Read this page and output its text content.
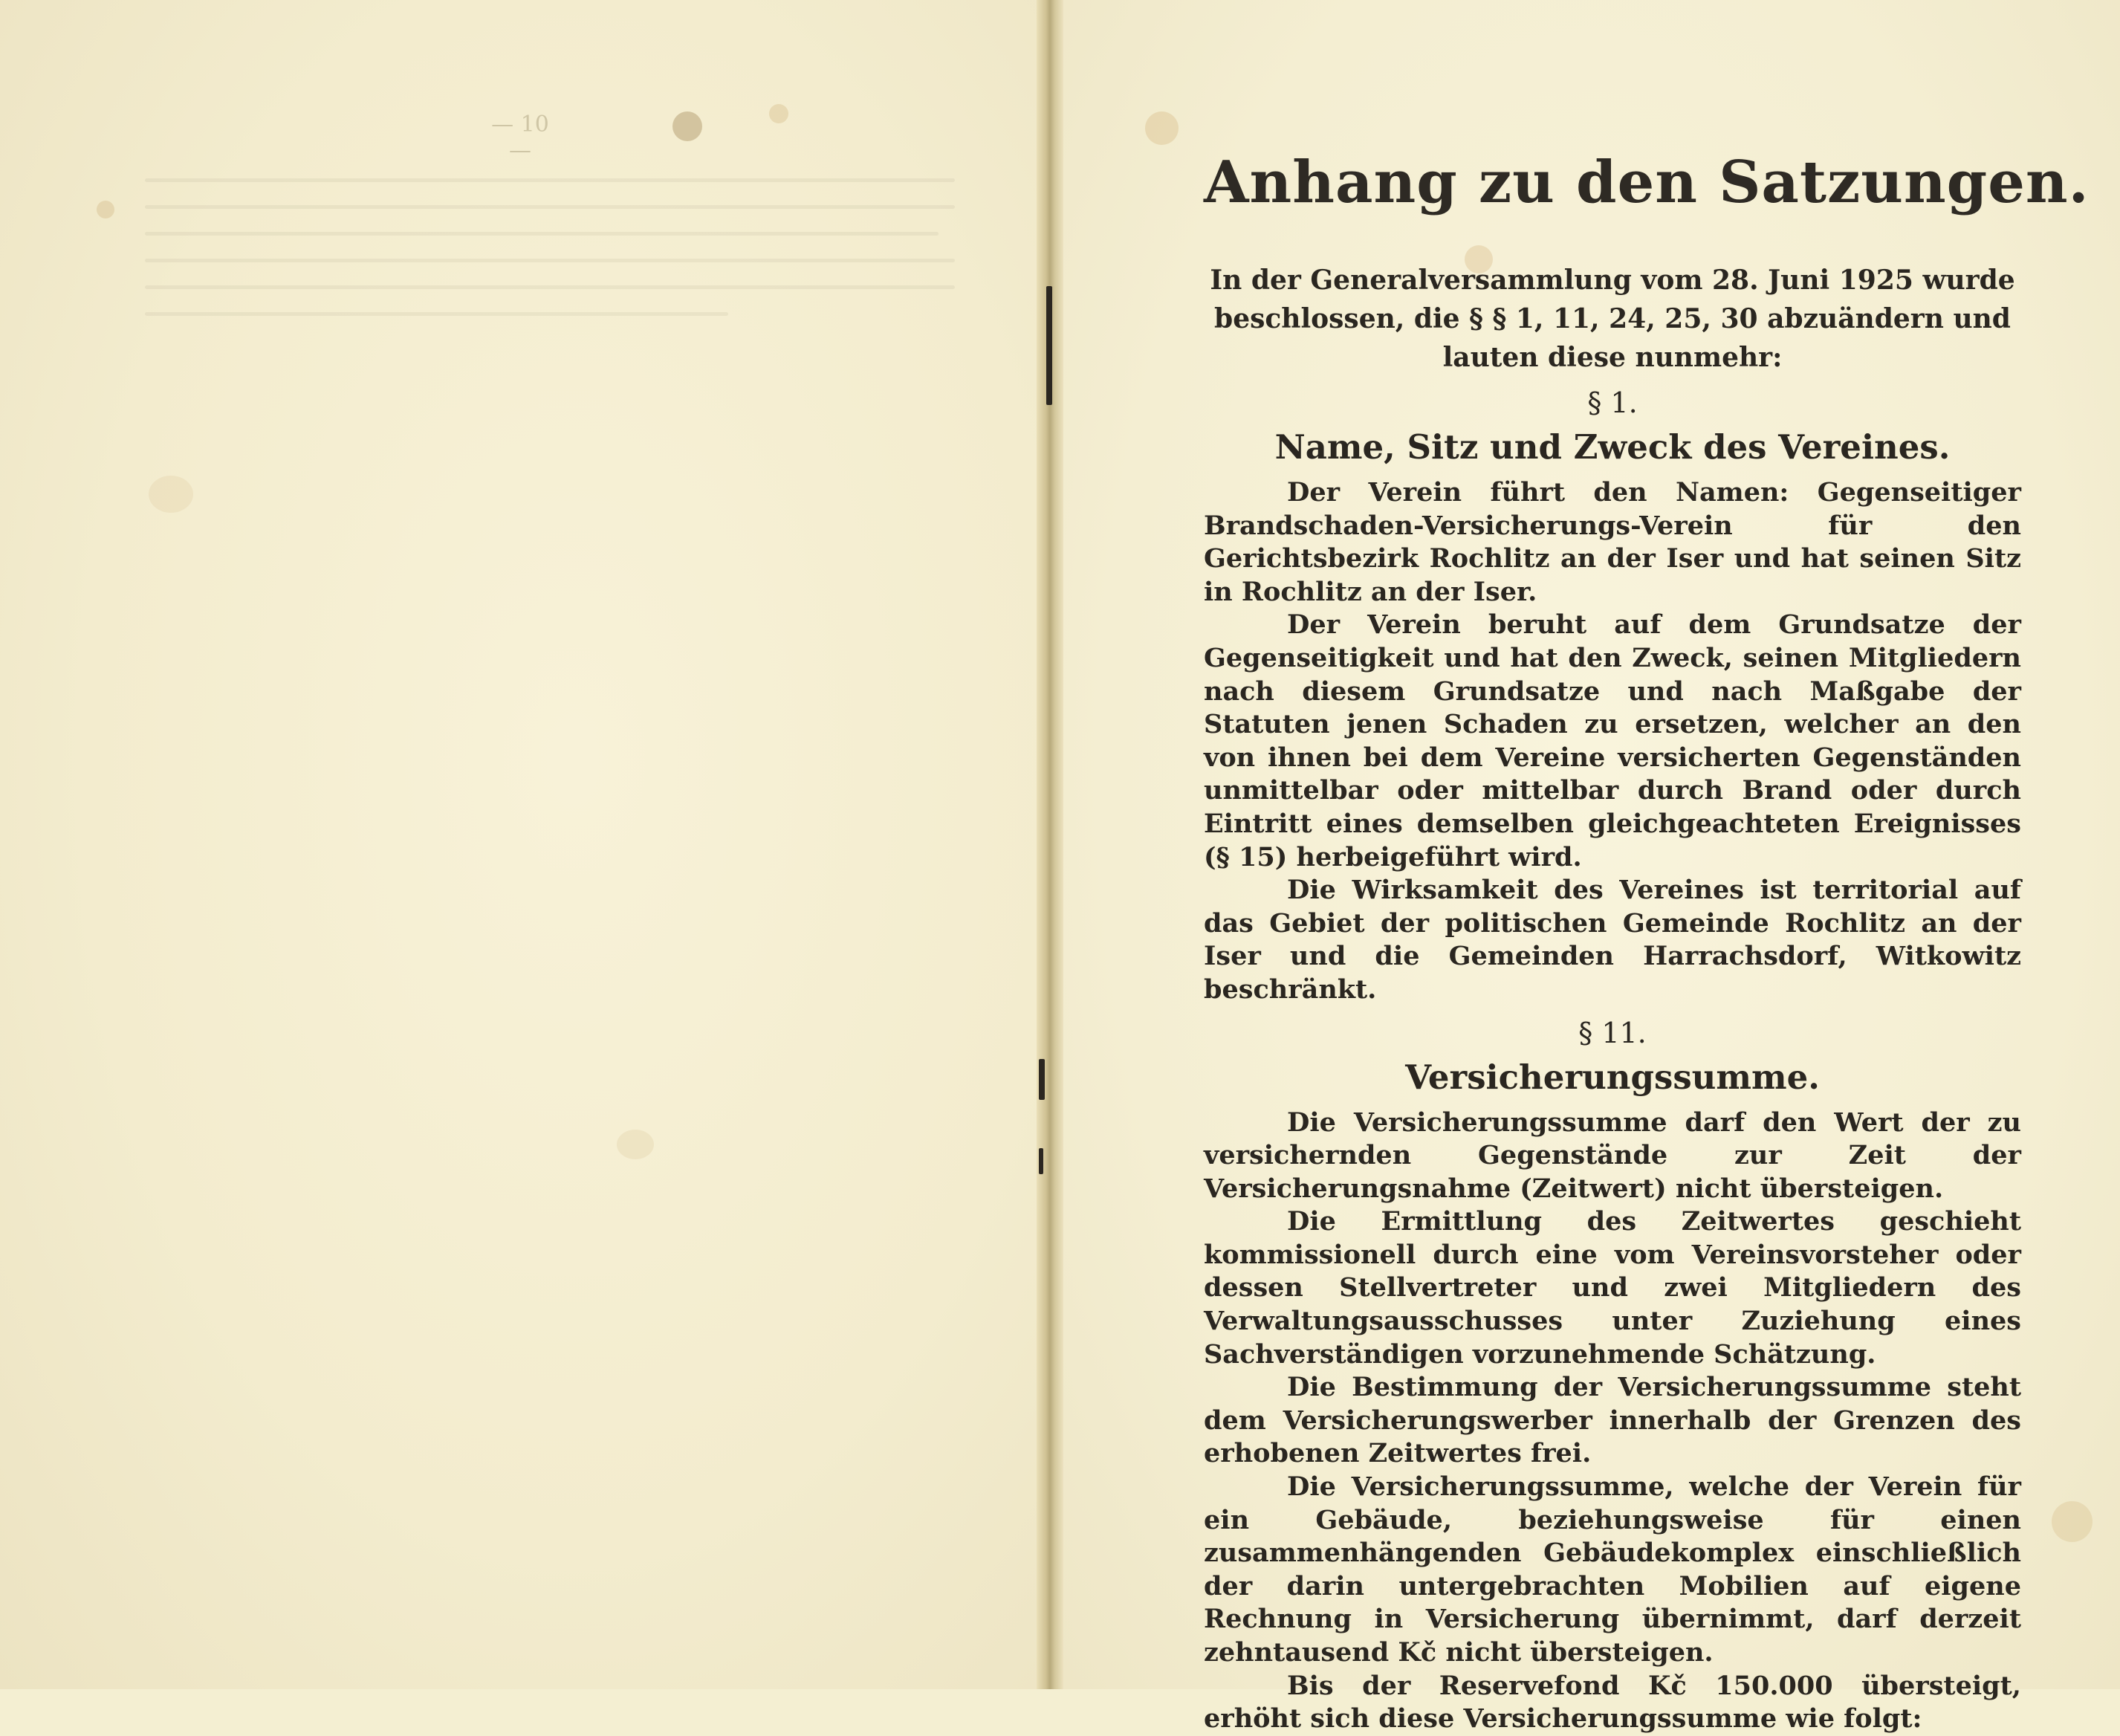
— 10 —	Anhang zu den Satzungen.

In der Generalversammlung vom 28. Juni 1925 wurde beschlossen, die § § 1, 11, 24, 25, 30 abzuändern und lauten diese nunmehr:

§ 1.
Name, Sitz und Zweck des Vereines.

Der Verein führt den Namen: Gegenseitiger Brandschaden-Versicherungs-Verein für den Gerichtsbezirk Rochlitz an der Iser und hat seinen Sitz in Rochlitz an der Iser.

Der Verein beruht auf dem Grundsatze der Gegenseitigkeit und hat den Zweck, seinen Mitgliedern nach diesem Grundsatze und nach Maßgabe der Statuten jenen Schaden zu ersetzen, welcher an den von ihnen bei dem Vereine versicherten Gegenständen unmittelbar oder mittelbar durch Brand oder durch Eintritt eines demselben gleichgeachteten Ereignisses (§ 15) herbeigeführt wird.

Die Wirksamkeit des Vereines ist territorial auf das Gebiet der politischen Gemeinde Rochlitz an der Iser und die Gemeinden Harrachsdorf, Witkowitz beschränkt.

§ 11.
Versicherungssumme.

Die Versicherungssumme darf den Wert der zu versichernden Gegenstände zur Zeit der Versicherungsnahme (Zeitwert) nicht übersteigen.

Die Ermittlung des Zeitwertes geschieht kommissionell durch eine vom Vereinsvorsteher oder dessen Stellvertreter und zwei Mitgliedern des Verwaltungsausschusses unter Zuziehung eines Sachverständigen vorzunehmende Schätzung.

Die Bestimmung der Versicherungssumme steht dem Versicherungswerber innerhalb der Grenzen des erhobenen Zeitwertes frei.

Die Versicherungssumme, welche der Verein für ein Gebäude, beziehungsweise für einen zusammenhängenden Gebäudekomplex einschließlich der darin untergebrachten Mobilien auf eigene Rechnung in Versicherung übernimmt, darf derzeit zehntausend Kč nicht übersteigen.

Bis der Reservefond Kč 150.000 übersteigt, erhöht sich diese Versicherungssumme wie folgt:
